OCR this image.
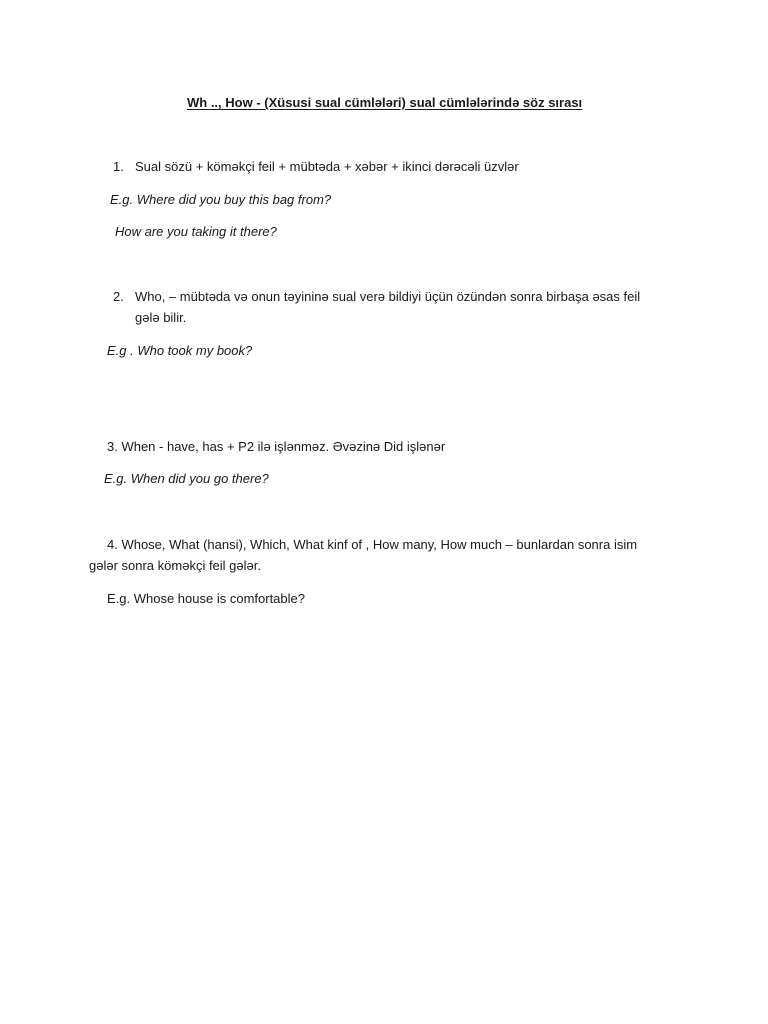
Wh .., How - (Xüsusi sual cümlələri) sual cümlələrində söz sırası
1. Sual sözü + köməkçi feil + mübtəda + xəbər + ikinci dərəcəli üzvlər
E.g. Where did you buy this bag from?
How are you taking it there?
2. Who, – mübtəda və onun təyininə sual verə bildiyi üçün özündən sonra birbaşa əsas feil
gələ bilir.
E.g . Who took my book?
3. When - have, has + P2 ilə işlənməz. Əvəzinə Did işlənər
E.g. When did you go there?
4. Whose, What (hansi), Which, What kinf of , How many, How much – bunlardan sonra isim
gələr sonra köməkçi feil gələr.
E.g. Whose house is comfortable?
